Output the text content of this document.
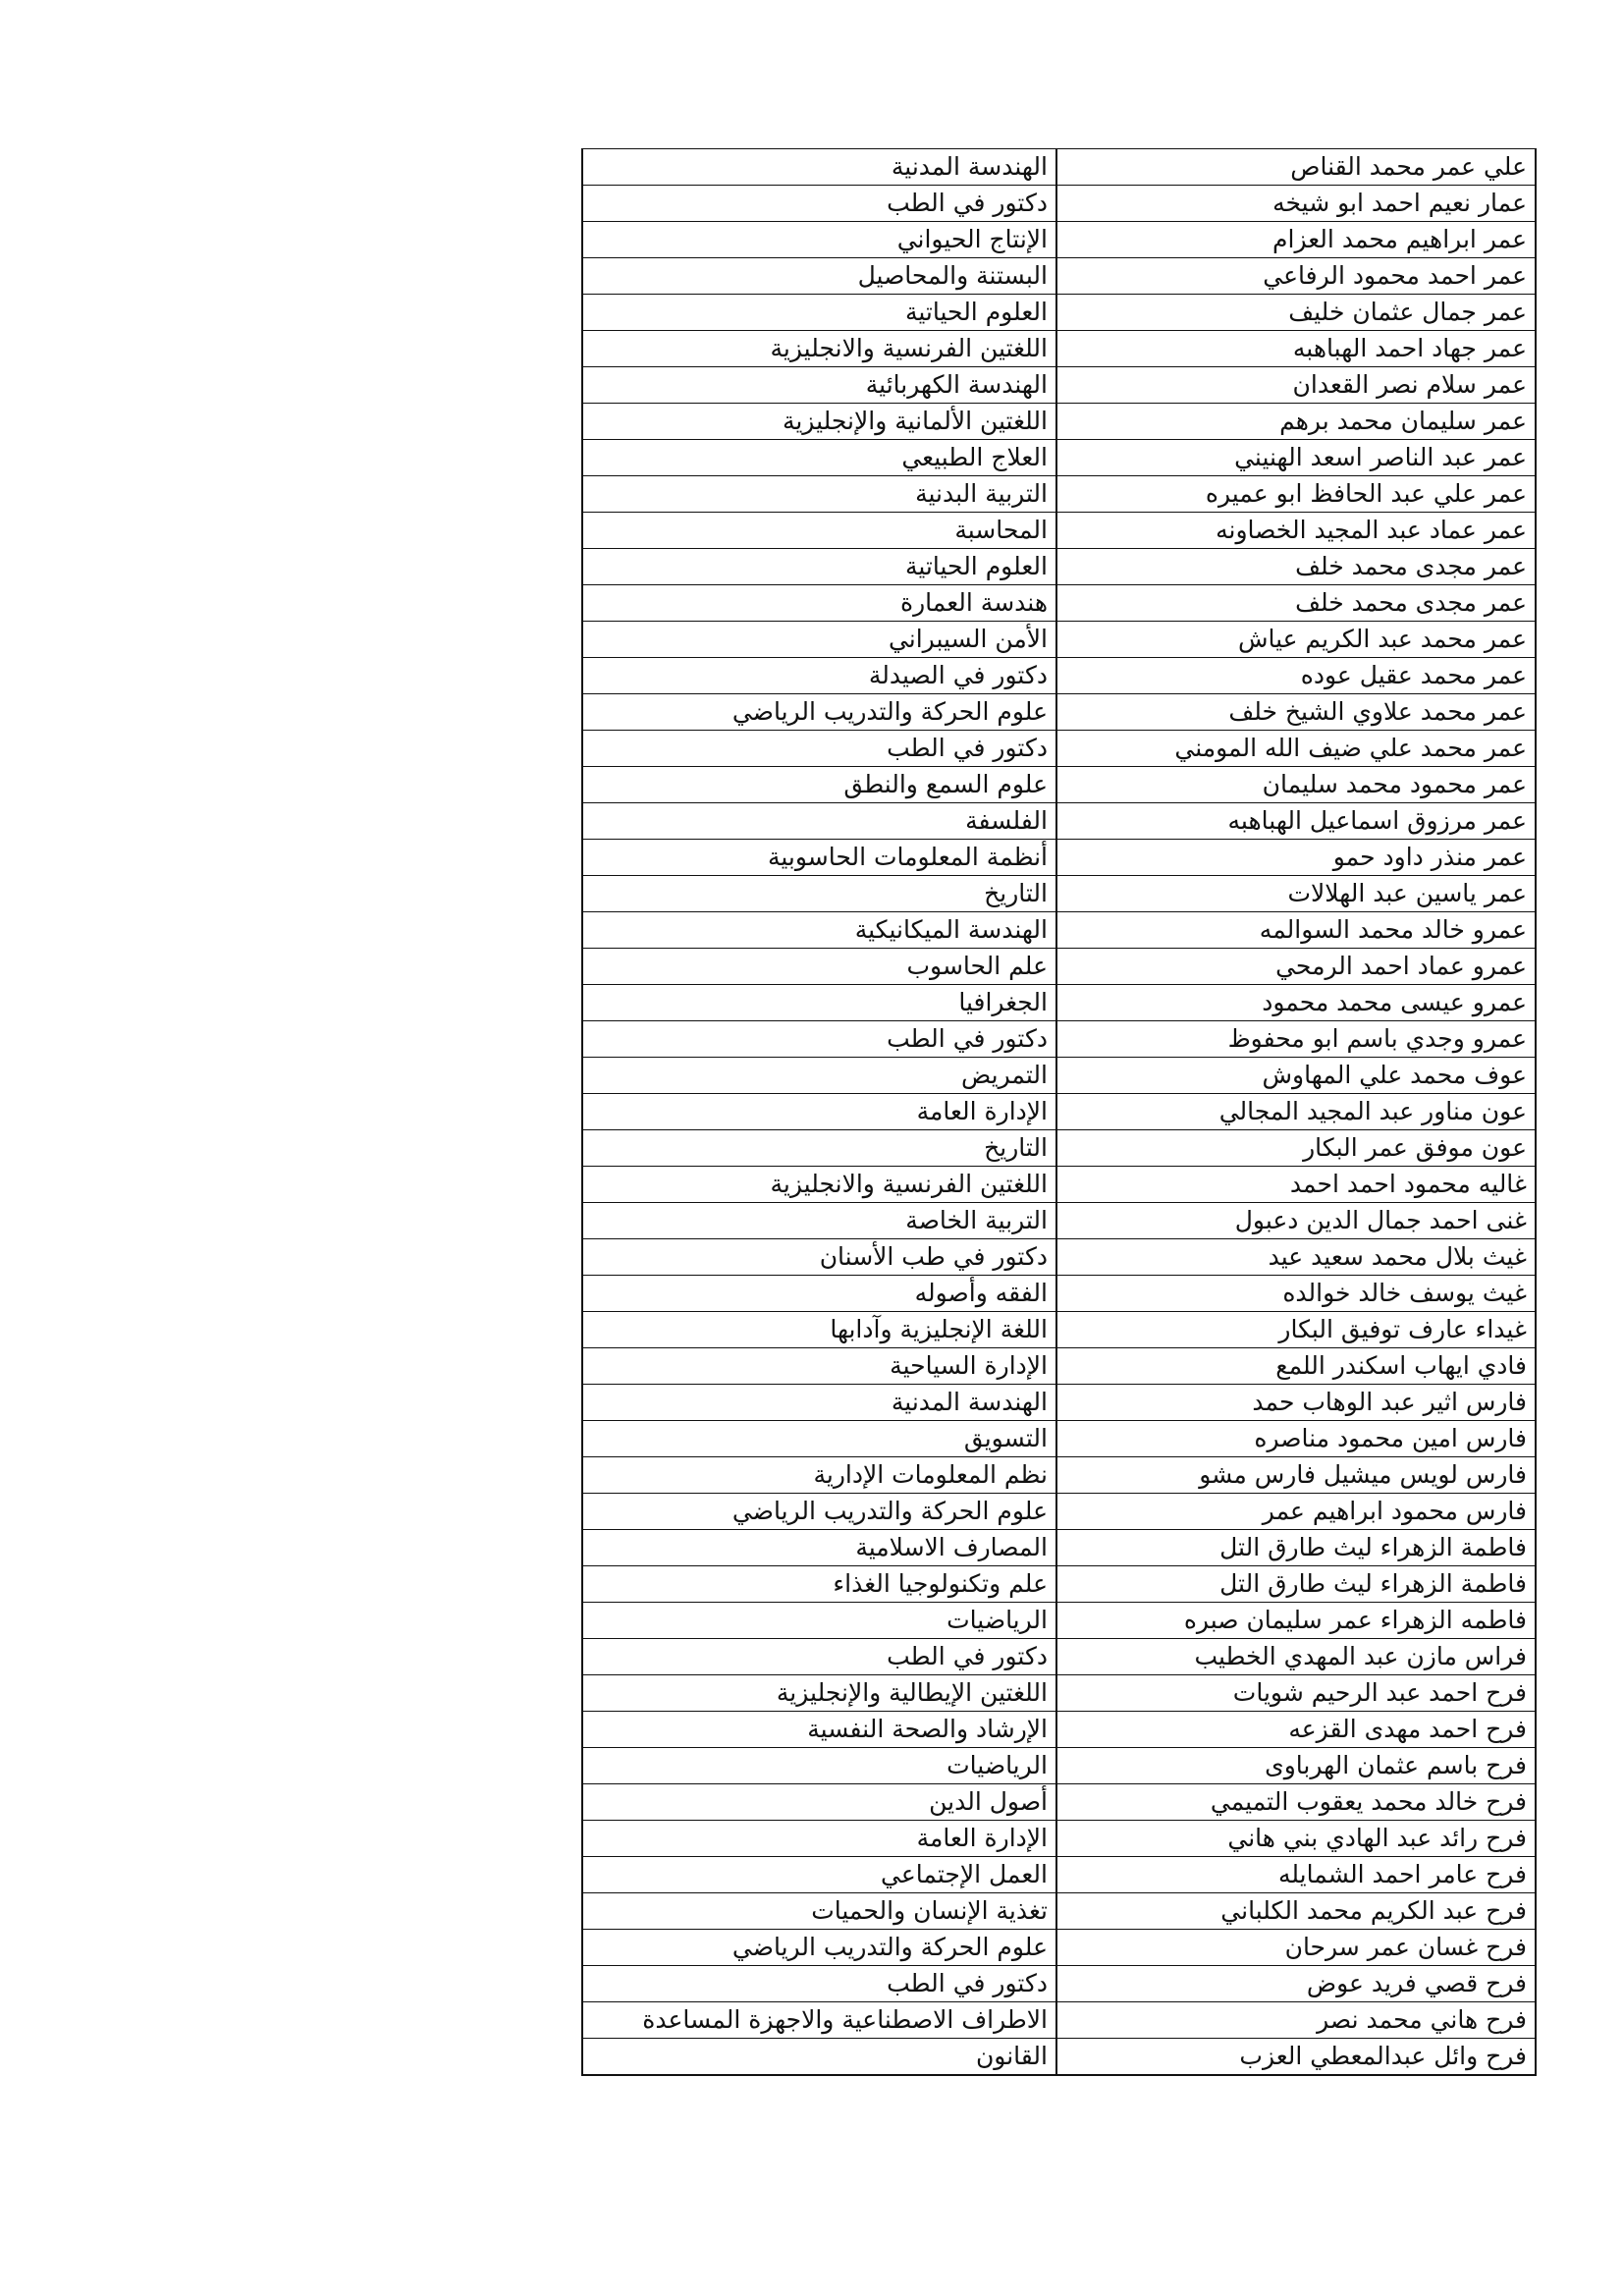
علي عمر محمد القناص	الهندسة المدنية
عمار نعيم احمد ابو شيخه	دكتور في الطب
عمر ابراهيم محمد العزام	الإنتاج الحيواني
عمر احمد محمود الرفاعي	البستنة والمحاصيل
عمر جمال عثمان خليف	العلوم الحياتية
عمر جهاد احمد الهباهبه	اللغتين الفرنسية والانجليزية
عمر سلام نصر القعدان	الهندسة الكهربائية
عمر سليمان محمد برهم	اللغتين الألمانية والإنجليزية
عمر عبد الناصر اسعد الهنيني	العلاج الطبيعي
عمر علي عبد الحافظ ابو عميره	التربية البدنية
عمر عماد عبد المجيد الخصاونه	المحاسبة
عمر مجدى محمد خلف	العلوم الحياتية
عمر مجدى محمد خلف	هندسة العمارة
عمر محمد عبد الكريم عياش	الأمن السيبراني
عمر محمد عقيل عوده	دكتور في الصيدلة
عمر محمد علاوي الشيخ خلف	علوم الحركة والتدريب الرياضي
عمر محمد علي ضيف الله المومني	دكتور في الطب
عمر محمود محمد سليمان	علوم السمع والنطق
عمر مرزوق اسماعيل الهباهبه	الفلسفة
عمر منذر داود حمو	أنظمة المعلومات الحاسوبية
عمر ياسين عبد الهلالات	التاريخ
عمرو خالد محمد السوالمه	الهندسة الميكانيكية
عمرو عماد احمد الرمحي	علم الحاسوب
عمرو عيسى محمد محمود	الجغرافيا
عمرو وجدي باسم ابو محفوظ	دكتور في الطب
عوف محمد علي المهاوش	التمريض
عون مناور عبد المجيد المجالي	الإدارة العامة
عون موفق عمر البكار	التاريخ
غاليه محمود احمد احمد	اللغتين الفرنسية والانجليزية
غنى احمد جمال الدين دعبول	التربية الخاصة
غيث بلال محمد سعيد عيد	دكتور في طب الأسنان
غيث يوسف خالد خوالده	الفقه وأصوله
غيداء عارف توفيق البكار	اللغة الإنجليزية وآدابها
فادي ايهاب اسكندر اللمع	الإدارة السياحية
فارس اثير عبد الوهاب حمد	الهندسة المدنية
فارس امين محمود مناصره	التسويق
فارس لويس ميشيل فارس مشو	نظم المعلومات الإدارية
فارس محمود ابراهيم عمر	علوم الحركة والتدريب الرياضي
فاطمة الزهراء ليث طارق التل	المصارف الاسلامية
فاطمة الزهراء ليث طارق التل	علم وتكنولوجيا الغذاء
فاطمه الزهراء عمر سليمان صبره	الرياضيات
فراس مازن عبد المهدي الخطيب	دكتور في الطب
فرح احمد عبد الرحيم شويات	اللغتين الإيطالية والإنجليزية
فرح احمد مهدى القزعه	الإرشاد والصحة النفسية
فرح باسم عثمان الهرباوى	الرياضيات
فرح خالد محمد يعقوب التميمي	أصول الدين
فرح رائد عبد الهادي بني هاني	الإدارة العامة
فرح عامر احمد الشمايله	العمل الإجتماعي
فرح عبد الكريم محمد الكلباني	تغذية الإنسان والحميات
فرح غسان عمر سرحان	علوم الحركة والتدريب الرياضي
فرح قصي فريد عوض	دكتور في الطب
فرح هاني محمد نصر	الاطراف الاصطناعية والاجهزة المساعدة
فرح وائل عبدالمعطي العزب	القانون
